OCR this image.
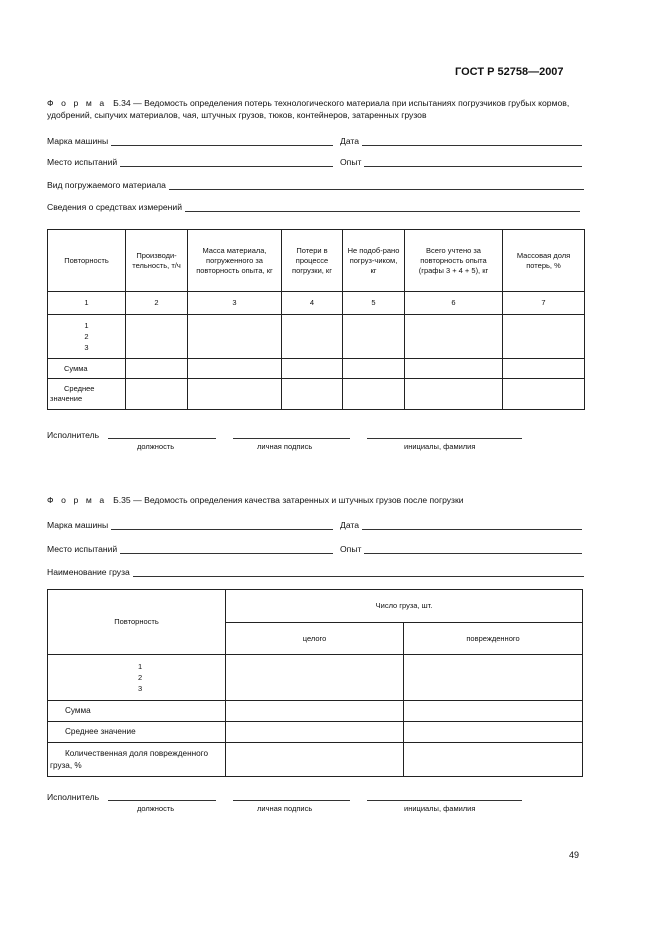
ГОСТ Р 52758—2007
Ф о р м а Б.34 — Ведомость определения потерь технологического материала при испытаниях погрузчиков грубых кормов, удобрений, сыпучих материалов, чая, штучных грузов, тюков, контейнеров, затаренных грузов
Марка машины	Дата
Место испытаний	Опыт
Вид погружаемого материала
Сведения о средствах измерений
Повторность	Производи-тельность, т/ч	Масса материала, погруженного за повторность опыта, кг	Потери в процессе погрузки, кг	Не подоб-рано погруз-чиком, кг	Всего учтено за повторность опыта (графы 3 + 4 + 5), кг	Массовая доля потерь, %
1	2	3	4	5	6	7

1
2
3						

Сумма						
Среднее значение						
Исполнитель
должность	личная подпись	инициалы, фамилия
Ф о р м а Б.35 — Ведомость определения качества затаренных и штучных грузов после погрузки
Марка машины	Дата
Место испытаний	Опыт
Наименование груза
Повторность	Число груза, шт.	
	целого	поврежденного

1
2
3		

Сумма		
Среднее значение		
Количественная доля поврежденного груза, %		
Исполнитель
должность	личная подпись	инициалы, фамилия
49
